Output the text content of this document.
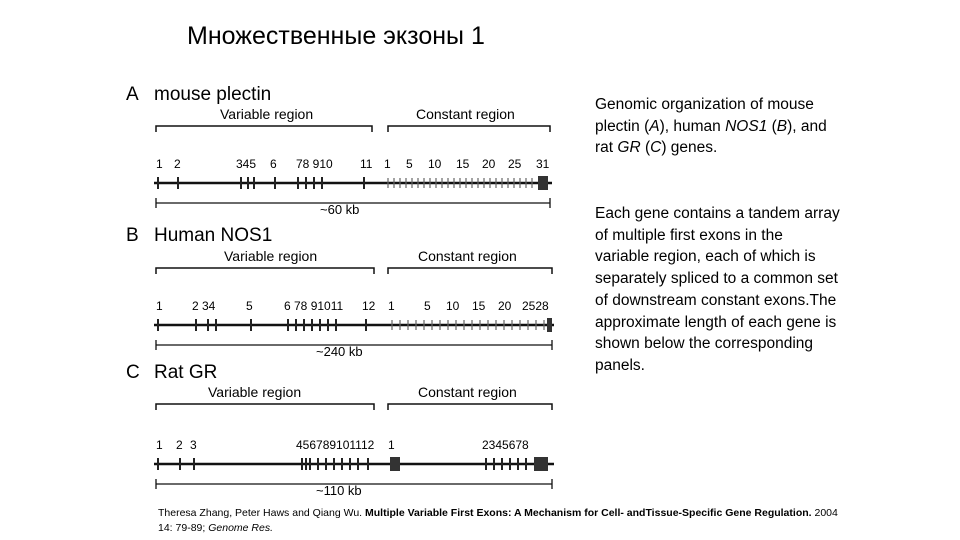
Множественные экзоны 1
A mouse plectin
Variable region	Constant region
1 2	345 6 78 910 11 1 5 10 15 20 25 31
~60 kb
B Human NOS1
Variable region	Constant region
1 2 34	5	6 78 91011 12 1 5 10 15 20 2528
~240 kb
C Rat GR
Variable region	Constant region
1 2 3	456789101112 1	2345678
~110 kb

Genomic organization of mouse plectin (A), human NOS1 (B), and rat GR (C) genes.

Each gene contains a tandem array of multiple first exons in the variable region, each of which is separately spliced to a common set of downstream constant exons.The approximate length of each gene is shown below the corresponding panels.

Theresa Zhang, Peter Haws and Qiang Wu. Multiple Variable First Exons: A Mechanism for Cell- andTissue-Specific Gene Regulation. 2004 14: 79-89; Genome Res.
